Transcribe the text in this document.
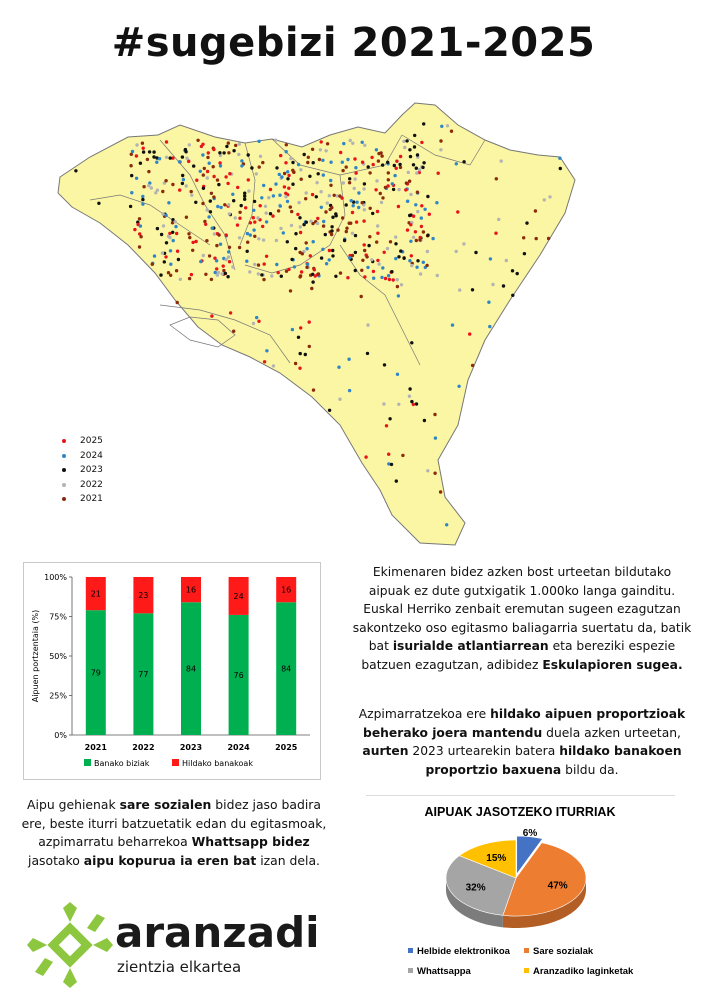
#sugebizi 2021-2025
2025
2024
2023
2022
2021
0%
25%
50%
75%
100%
Aipuen portzentaia (%)	79
21
2021
77
23
2022
84
16
2023
76
24
2024
84
16
2025
Banako biziak	Hildako banakoak
Ekimenaren bidez azken bost urteetan bildutako aipuak ez dute gutxigatik 1.000ko langa gainditu. Euskal Herriko zenbait eremutan sugeen ezagutzan sakontzeko oso egitasmo baliagarria suertatu da, batik bat isurialde atlantiarrean eta bereziki espezie batzuen ezagutzan, adibidez Eskulapioren sugea.
Azpimarratzekoa ere hildako aipuen proportzioak beherako joera mantendu duela azken urteetan, aurten 2023 urtearekin batera hildako banakoen proportzio baxuena bildu da.
Aipu gehienak sare sozialen bidez jaso badira ere, beste iturri batzuetatik edan du egitasmoak, azpimarratu beharrekoa Whattsapp bidez jasotako aipu kopurua ia eren bat izan dela.
AIPUAK JASOTZEKO ITURRIAK
6%
47%
32%
15%
Helbide elektronikoa Sare sozialak
Whattsappa	Aranzadiko laginketak
aranzadi
zientzia elkartea
